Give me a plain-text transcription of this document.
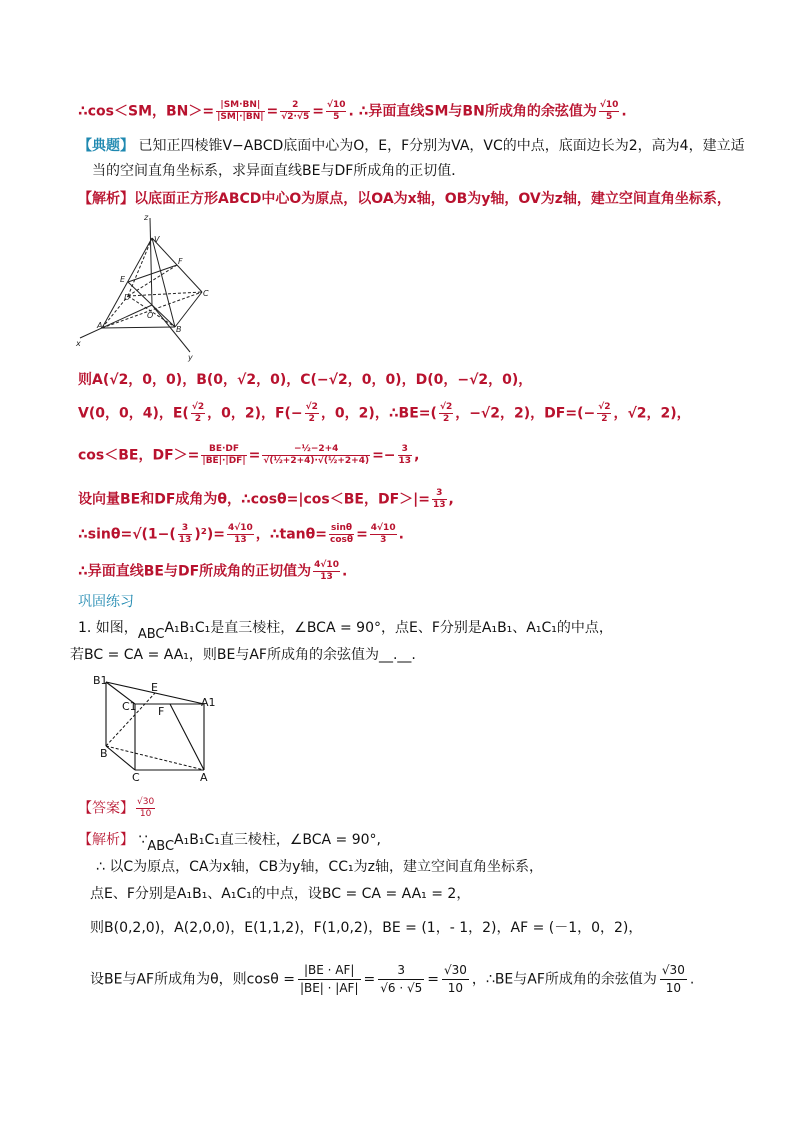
∴cos＜SM，$BN>= \frac{|SM\cdot BN|}{|SM|\cdot|BN|} = \frac{2}{√2\cdot√5} = \frac{√10}{5}$ . ∴异面直线SM与BN所成角的余弦值为 $\frac{√10}{5}$ .
【典题】 已知正四棱锥V−ABCD底面中心为O，E，F分别为VA，VC的中点，底面边长为2，高为4，建立适
当的空间直角坐标系，求异面直线BE与DF所成角的正切值．
【解析】以底面正方形ABCD中心O为原点，以OA为x轴，OB为y轴，OV为z轴，建立空间直角坐标系，
z
V
F
E
D	C
O
A	B
x
y
则A(√2，0，0)，B(0，√2，0)，C(−√2，0，0)，D(0，−√2，0)，
V(0，0，4)，$E( \frac{√2}{2}$ ，0，2)，$F(- \frac{√2}{2}$ ，0，2)，∴BE=( $\frac{√2}{2}$ ，−√2，2)，$DF=(- \frac{√2}{2}$ ，√2，2)，
cos＜BE，$DF>= \frac{BE\cdot DF}{|BE|\cdot|DF|} = \frac{\text{−½−2+4}}{\text{√(½+2+4)·√(½+2+4)}} =- \frac{3}{13}$ ,
设向量BE和DF成角为θ，∴cosθ=|cos＜BE，$DF>|= \frac{3}{13}$ ,
∴sinθ=√(1−( $\frac{3}{13} )^2)= \frac{4√10}{13}$ ，∴tanθ= $\frac{\sin\theta}{\cos\theta} = \frac{4√10}{3}$ .
∴异面直线BE与DF所成角的正切值为 $\frac{4√10}{13}$ .
巩固练习
1. 如图，ABCA₁B₁C₁是直三棱柱，∠BCA = 90°，点E、F分别是A₁B₁、A₁C₁的中点，
若BC = CA = AA₁，则BE与AF所成角的余弦值为__.__.
B1
E
C1 F
A1
B
C	A
【答案】 $\frac{√30}{10}$
【解析】 ∵ABCA₁B₁C₁直三棱柱，∠BCA = 90°,
∴ 以C为原点，CA为x轴，CB为y轴，CC₁为z轴，建立空间直角坐标系，
点E、F分别是A₁B₁、A₁C₁的中点，设BC = CA = AA₁ = 2，
则B(0,2,0)，A(2,0,0)，E(1,1,2)，F(1,0,2)，BE = (1，- 1，2)，AF = (－1，0，2)，
设BE与AF所成角为θ，则$\cos\theta = \frac{|BE \cdot AF|}{|BE| \cdot |AF|} = \frac{3}{√6 \cdot √5} = \frac{√30}{10}$ ，∴BE与AF所成角的余弦值为 $\frac{√30}{10}$ .
